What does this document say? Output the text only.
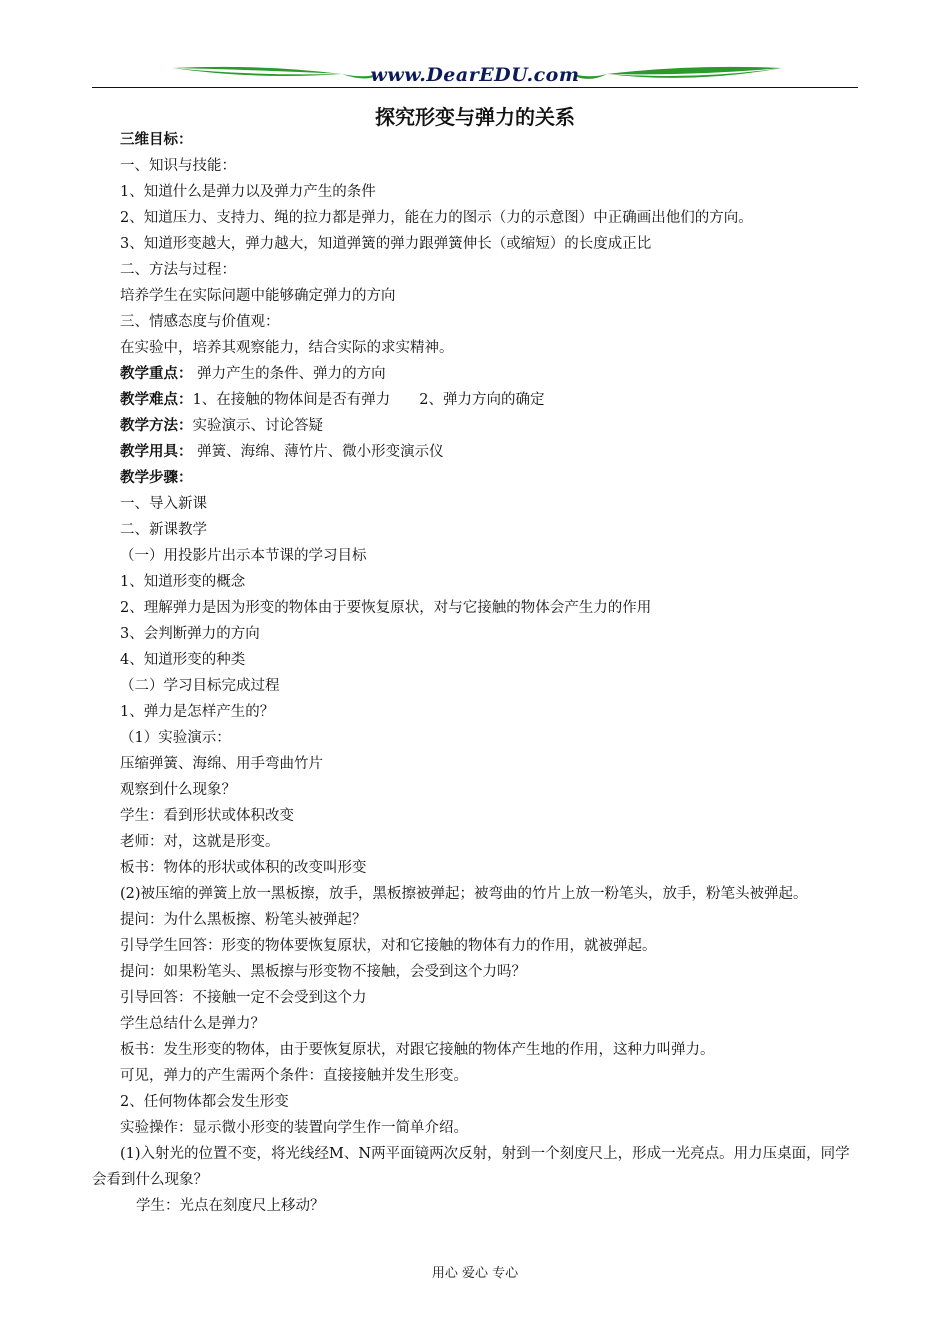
www.DearEDU.com
探究形变与弹力的关系
三维目标：
一、知识与技能：
1、知道什么是弹力以及弹力产生的条件
2、知道压力、支持力、绳的拉力都是弹力，能在力的图示（力的示意图）中正确画出他们的方向。
3、知道形变越大，弹力越大，知道弹簧的弹力跟弹簧伸长（或缩短）的长度成正比
二、方法与过程：
培养学生在实际问题中能够确定弹力的方向
三、情感态度与价值观：
在实验中，培养其观察能力，结合实际的求实精神。
教学重点： 弹力产生的条件、弹力的方向
教学难点：1、在接触的物体间是否有弹力　　2、弹力方向的确定
教学方法：实验演示、讨论答疑
教学用具： 弹簧、海绵、薄竹片、微小形变演示仪
教学步骤：
一、导入新课
二、新课教学
（一）用投影片出示本节课的学习目标
1、知道形变的概念
2、理解弹力是因为形变的物体由于要恢复原状，对与它接触的物体会产生力的作用
3、会判断弹力的方向
4、知道形变的种类
（二）学习目标完成过程
1、弹力是怎样产生的？
（1）实验演示：
压缩弹簧、海绵、用手弯曲竹片
观察到什么现象？
学生：看到形状或体积改变
老师：对，这就是形变。
板书：物体的形状或体积的改变叫形变
(2)被压缩的弹簧上放一黑板擦，放手，黑板擦被弹起；被弯曲的竹片上放一粉笔头，放手，粉笔头被弹起。
提问：为什么黑板擦、粉笔头被弹起？
引导学生回答：形变的物体要恢复原状，对和它接触的物体有力的作用，就被弹起。
提问：如果粉笔头、黑板擦与形变物不接触，会受到这个力吗？
引导回答：不接触一定不会受到这个力
学生总结什么是弹力？
板书：发生形变的物体，由于要恢复原状，对跟它接触的物体产生地的作用，这种力叫弹力。
可见，弹力的产生需两个条件：直接接触并发生形变。
2、任何物体都会发生形变
实验操作：显示微小形变的装置向学生作一简单介绍。
(1)入射光的位置不变，将光线经M、N两平面镜两次反射，射到一个刻度尺上，形成一光亮点。用力压桌面，同学会看到什么现象？
学生：光点在刻度尺上移动？
用心 爱心 专心
